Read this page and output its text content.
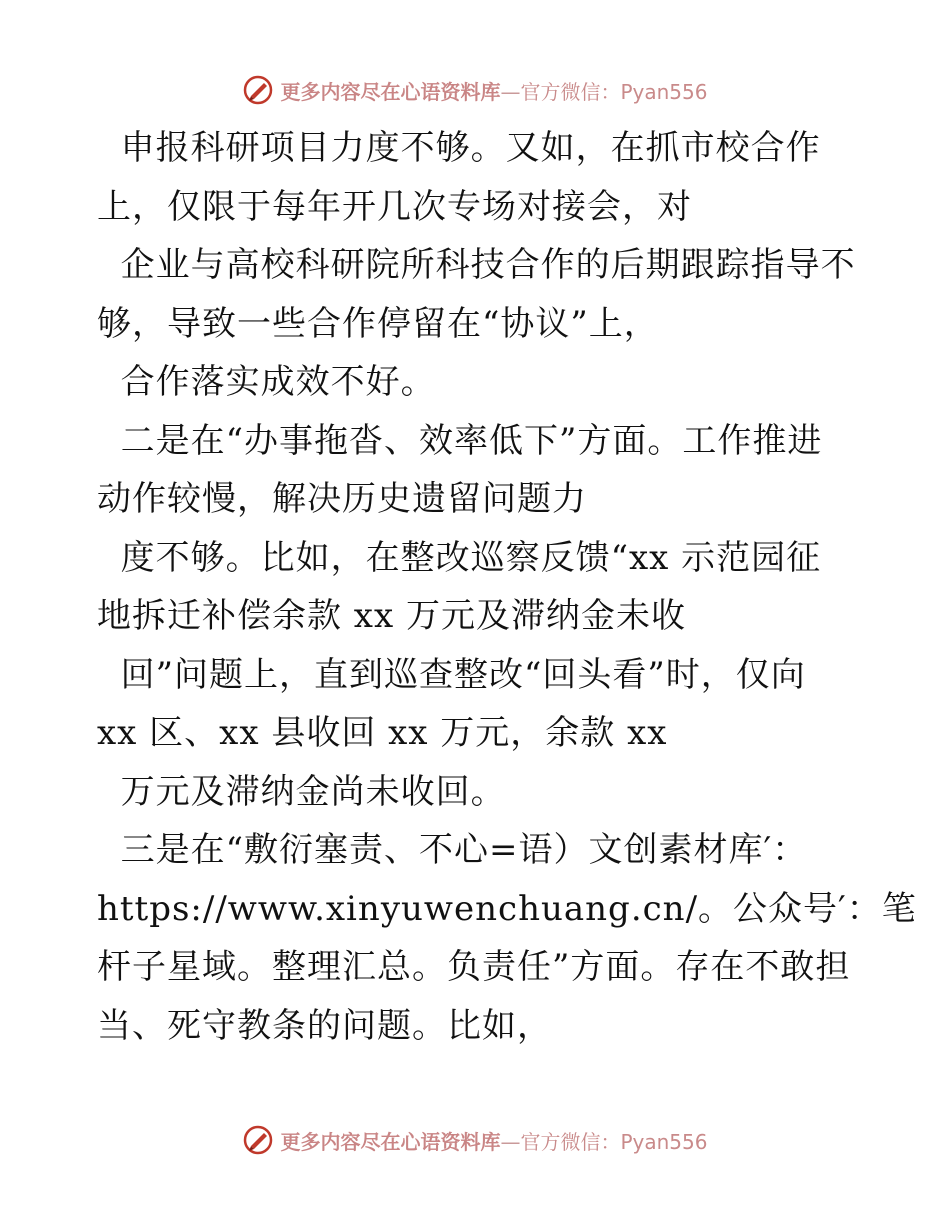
更多内容尽在心语资料库—官方微信：Pyan556
申报科研项目力度不够。又如，在抓市校合作
上，仅限于每年开几次专场对接会，对
企业与高校科研院所科技合作的后期跟踪指导不
够，导致一些合作停留在“协议”上，
合作落实成效不好。
二是在“办事拖沓、效率低下”方面。工作推进
动作较慢，解决历史遗留问题力
度不够。比如，在整改巡察反馈“xx 示范园征
地拆迁补偿余款 xx 万元及滞纳金未收
回”问题上，直到巡查整改“回头看”时，仅向
xx 区、xx 县收回 xx 万元，余款 xx
万元及滞纳金尚未收回。
三是在“敷衍塞责、不心=语）文创素材库′：
https://www.xinyuwenchuang.cn/。公众号′：笔
杆子星域。整理汇总。负责任”方面。存在不敢担
当、死守教条的问题。比如，
更多内容尽在心语资料库—官方微信：Pyan556
